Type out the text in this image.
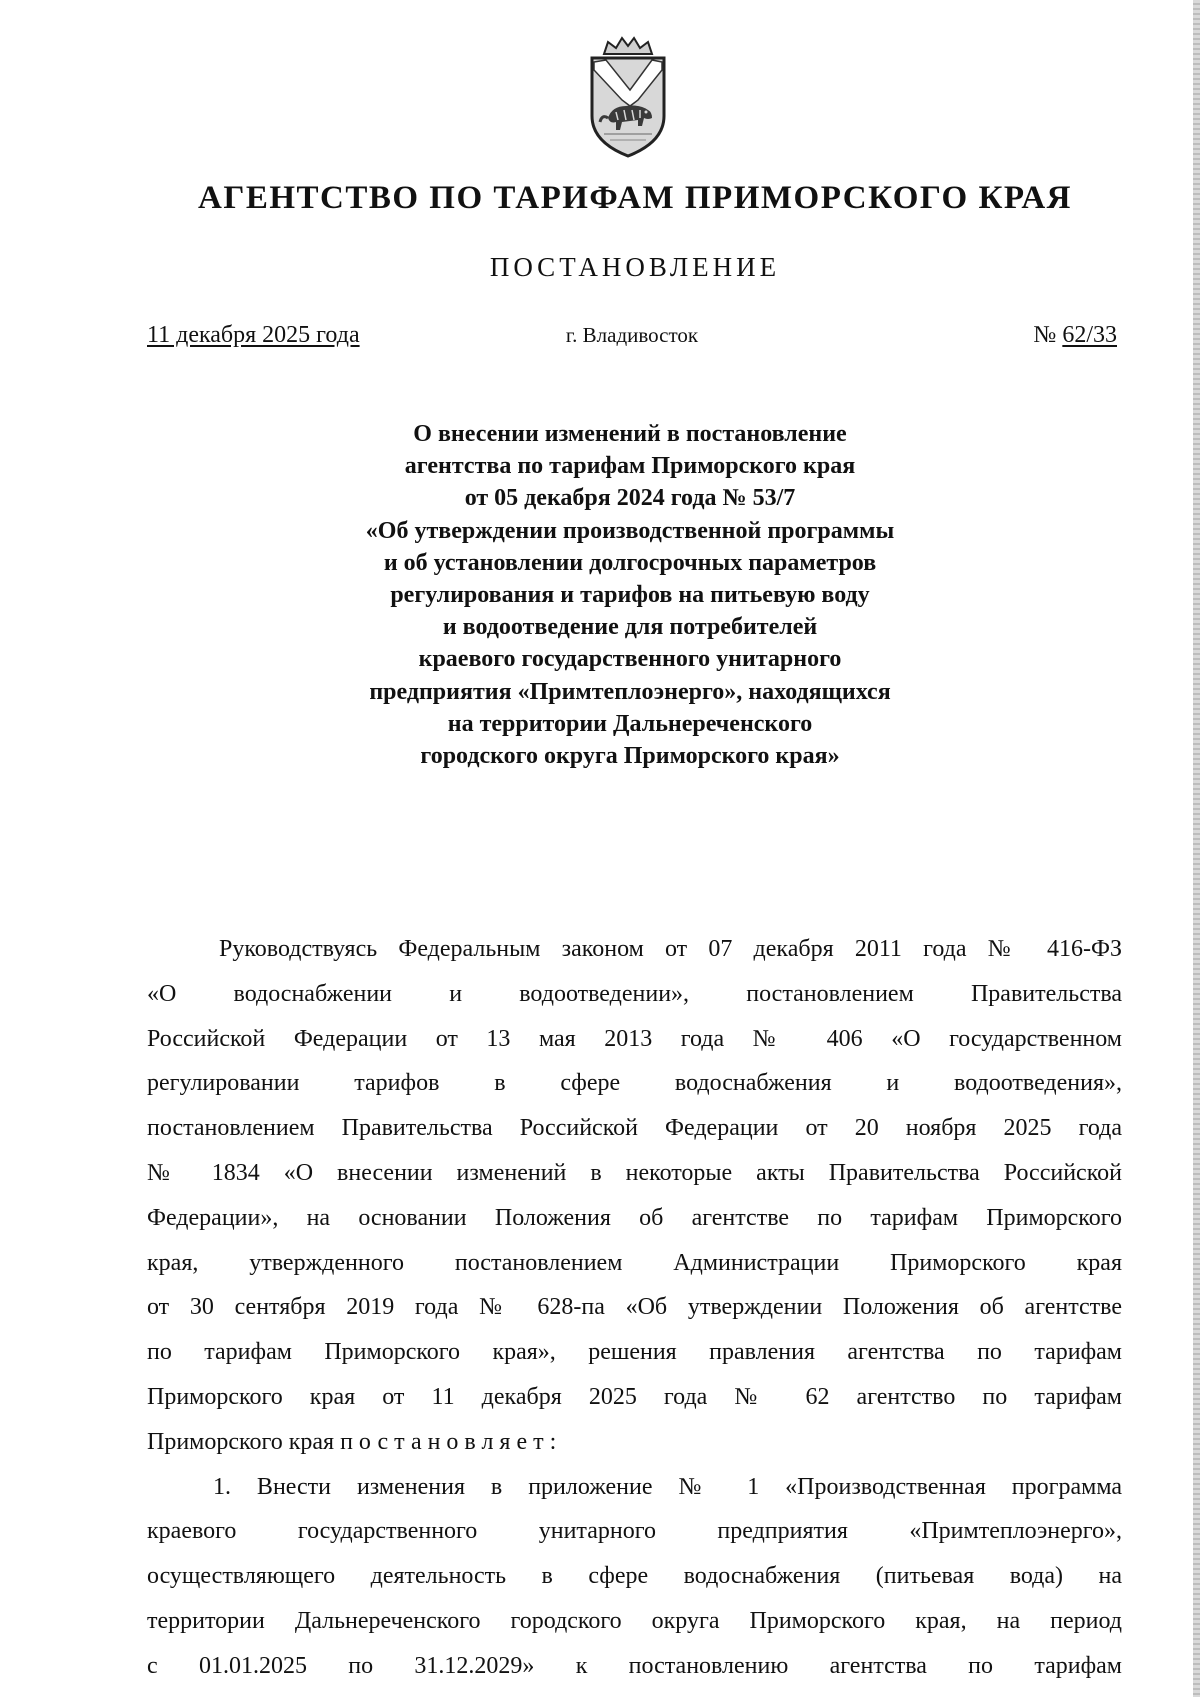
АГЕНТСТВО ПО ТАРИФАМ ПРИМОРСКОГО КРАЯ
ПОСТАНОВЛЕНИЕ
11 декабря 2025 года	г. Владивосток	№ 62/33
О внесении изменений в постановление
агентства по тарифам Приморского края
от 05 декабря 2024 года № 53/7
«Об утверждении производственной программы
и об установлении долгосрочных параметров
регулирования и тарифов на питьевую воду
и водоотведение для потребителей
краевого государственного унитарного
предприятия «Примтеплоэнерго», находящихся
на территории Дальнереченского
городского округа Приморского края»
Руководствуясь Федеральным законом от 07 декабря 2011 года № 416-ФЗ
«О водоснабжении и водоотведении», постановлением Правительства
Российской Федерации от 13 мая 2013 года № 406 «О государственном
регулировании тарифов в сфере водоснабжения и водоотведения»,
постановлением Правительства Российской Федерации от 20 ноября 2025 года
№ 1834 «О внесении изменений в некоторые акты Правительства Российской
Федерации», на основании Положения об агентстве по тарифам Приморского
края, утвержденного постановлением Администрации Приморского края
от 30 сентября 2019 года № 628-па «Об утверждении Положения об агентстве
по тарифам Приморского края», решения правления агентства по тарифам
Приморского края от 11 декабря 2025 года № 62 агентство по тарифам
Приморского края постановляет:
1. Внести изменения в приложение № 1 «Производственная программа
краевого государственного унитарного предприятия «Примтеплоэнерго»,
осуществляющего деятельность в сфере водоснабжения (питьевая вода) на
территории Дальнереченского городского округа Приморского края, на период
с 01.01.2025 по 31.12.2029» к постановлению агентства по тарифам
